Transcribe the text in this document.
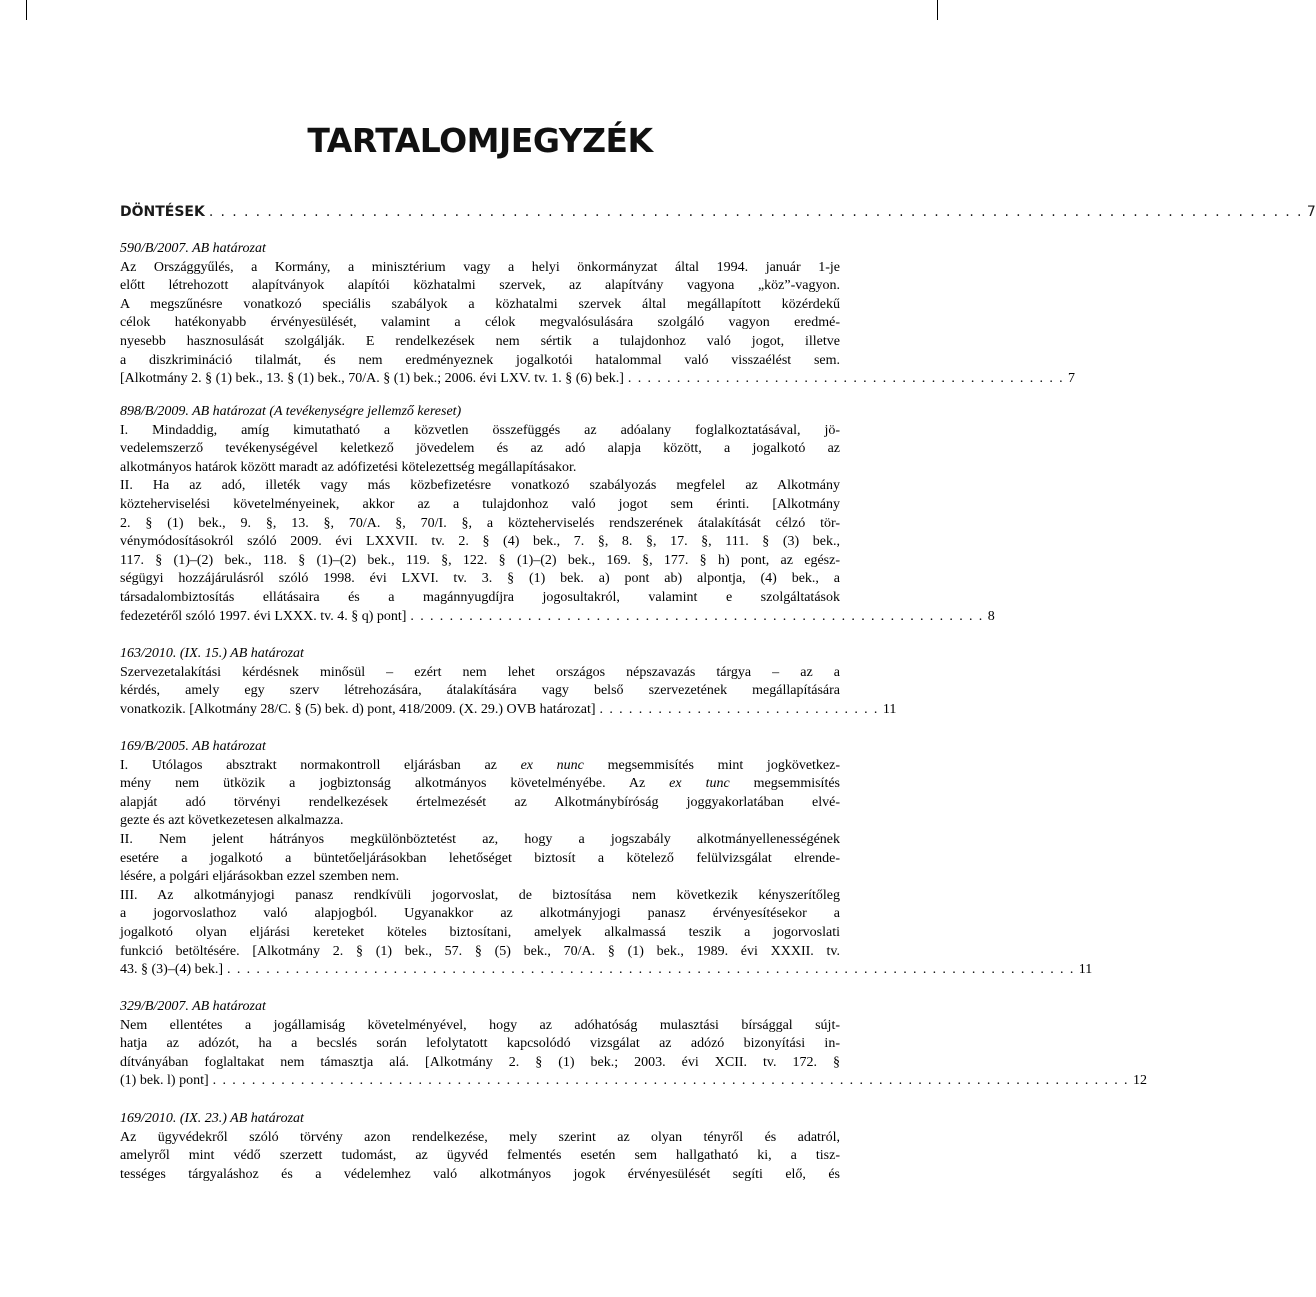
TARTALOMJEGYZÉK
DÖNTÉSEK . . . . . . . . . . . . . . . . . . . . . . . . . . . . . . . . . . . . . . . . . . . . . . . . . . . . . . . . . . . . . . . . . . . . . . . . . . . . . . . . . . . . . . . . . . . . . . 7
590/B/2007. AB határozat
Az Országgyűlés, a Kormány, a minisztérium vagy a helyi önkormányzat által 1994. január 1-je
előtt létrehozott alapítványok alapítói közhatalmi szervek, az alapítvány vagyona „köz”-vagyon.
A megszűnésre vonatkozó speciális szabályok a közhatalmi szervek által megállapított közérdekű
célok hatékonyabb érvényesülését, valamint a célok megvalósulására szolgáló vagyon eredmé-
nyesebb hasznosulását szolgálják. E rendelkezések nem sértik a tulajdonhoz való jogot, illetve
a diszkrimináció tilalmát, és nem eredményeznek jogalkotói hatalommal való visszaélést sem.
[Alkotmány 2. § (1) bek., 13. § (1) bek., 70/A. § (1) bek.; 2006. évi LXV. tv. 1. § (6) bek.] . . . . . . . . . . . . . . . . . . . . . . . . . . . . . . . . . . . . . . . . . . . . . 7
898/B/2009. AB határozat (A tevékenységre jellemző kereset)
I. Mindaddig, amíg kimutatható a közvetlen összefüggés az adóalany foglalkoztatásával, jö-
vedelemszerző tevékenységével keletkező jövedelem és az adó alapja között, a jogalkotó az
alkotmányos határok között maradt az adófizetési kötelezettség megállapításakor.
II. Ha az adó, illeték vagy más közbefizetésre vonatkozó szabályozás megfelel az Alkotmány
közteherviselési követelményeinek, akkor az a tulajdonhoz való jogot sem érinti. [Alkotmány
2. § (1) bek., 9. §, 13. §, 70/A. §, 70/I. §, a közteherviselés rendszerének átalakítását célzó tör-
vénymódosításokról szóló 2009. évi LXXVII. tv. 2. § (4) bek., 7. §, 8. §, 17. §, 111. § (3) bek.,
117. § (1)–(2) bek., 118. § (1)–(2) bek., 119. §, 122. § (1)–(2) bek., 169. §, 177. § h) pont, az egész-
ségügyi hozzájárulásról szóló 1998. évi LXVI. tv. 3. § (1) bek. a) pont ab) alpontja, (4) bek., a
társadalombiztosítás ellátásaira és a magánnyugdíjra jogosultakról, valamint e szolgáltatások
fedezetéről szóló 1997. évi LXXX. tv. 4. § q) pont] . . . . . . . . . . . . . . . . . . . . . . . . . . . . . . . . . . . . . . . . . . . . . . . . . . . . . . . . . . . 8
163/2010. (IX. 15.) AB határozat
Szervezetalakítási kérdésnek minősül – ezért nem lehet országos népszavazás tárgya – az a
kérdés, amely egy szerv létrehozására, átalakítására vagy belső szervezetének megállapítására
vonatkozik. [Alkotmány 28/C. § (5) bek. d) pont, 418/2009. (X. 29.) OVB határozat] . . . . . . . . . . . . . . . . . . . . . . . . . . . . . 11
169/B/2005. AB határozat
I. Utólagos absztrakt normakontroll eljárásban az ex nunc megsemmisítés mint jogkövetkez-
mény nem ütközik a jogbiztonság alkotmányos követelményébe. Az ex tunc megsemmisítés
alapját adó törvényi rendelkezések értelmezését az Alkotmánybíróság joggyakorlatában elvé-
gezte és azt következetesen alkalmazza.
II. Nem jelent hátrányos megkülönböztetést az, hogy a jogszabály alkotmányellenességének
esetére a jogalkotó a büntetőeljárásokban lehetőséget biztosít a kötelező felülvizsgálat elrende-
lésére, a polgári eljárásokban ezzel szemben nem.
III. Az alkotmányjogi panasz rendkívüli jogorvoslat, de biztosítása nem következik kényszerítőleg
a jogorvoslathoz való alapjogból. Ugyanakkor az alkotmányjogi panasz érvényesítésekor a
jogalkotó olyan eljárási kereteket köteles biztosítani, amelyek alkalmassá teszik a jogorvoslati
funkció betöltésére. [Alkotmány 2. § (1) bek., 57. § (5) bek., 70/A. § (1) bek., 1989. évi XXXII. tv.
43. § (3)–(4) bek.] . . . . . . . . . . . . . . . . . . . . . . . . . . . . . . . . . . . . . . . . . . . . . . . . . . . . . . . . . . . . . . . . . . . . . . . . . . . . . . . . . . . . . . . 11
329/B/2007. AB határozat
Nem ellentétes a jogállamiság követelményével, hogy az adóhatóság mulasztási bírsággal sújt-
hatja az adózót, ha a becslés során lefolytatott kapcsolódó vizsgálat az adózó bizonyítási in-
dítványában foglaltakat nem támasztja alá. [Alkotmány 2. § (1) bek.; 2003. évi XCII. tv. 172. §
(1) bek. l) pont] . . . . . . . . . . . . . . . . . . . . . . . . . . . . . . . . . . . . . . . . . . . . . . . . . . . . . . . . . . . . . . . . . . . . . . . . . . . . . . . . . . . . . . . . . . . . . . 12
169/2010. (IX. 23.) AB határozat
Az ügyvédekről szóló törvény azon rendelkezése, mely szerint az olyan tényről és adatról,
amelyről mint védő szerzett tudomást, az ügyvéd felmentés esetén sem hallgatható ki, a tisz-
tességes tárgyaláshoz és a védelemhez való alkotmányos jogok érvényesülését segíti elő, és
